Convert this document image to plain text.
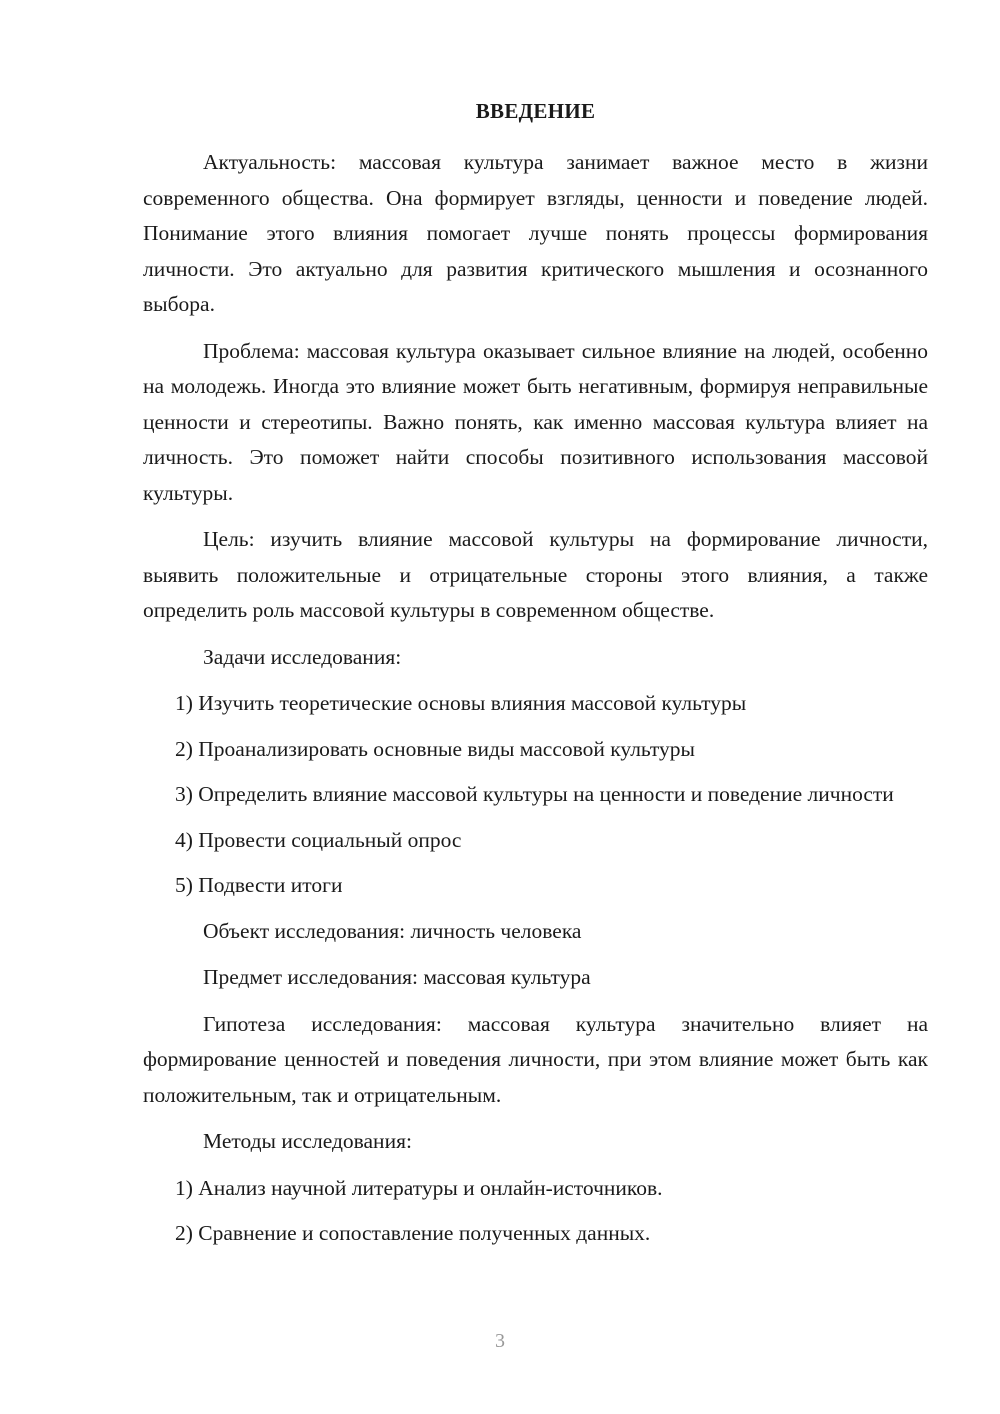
ВВЕДЕНИЕ

Актуальность: массовая культура занимает важное место в жизни современного общества. Она формирует взгляды, ценности и поведение людей. Понимание этого влияния помогает лучше понять процессы формирования личности. Это актуально для развития критического мышления и осознанного выбора.

Проблема: массовая культура оказывает сильное влияние на людей, особенно на молодежь. Иногда это влияние может быть негативным, формируя неправильные ценности и стереотипы. Важно понять, как именно массовая культура влияет на личность. Это поможет найти способы позитивного использования массовой культуры.

Цель: изучить влияние массовой культуры на формирование личности, выявить положительные и отрицательные стороны этого влияния, а также определить роль массовой культуры в современном обществе.

Задачи исследования:

1) Изучить теоретические основы влияния массовой культуры

2) Проанализировать основные виды массовой культуры

3) Определить влияние массовой культуры на ценности и поведение личности

4) Провести социальный опрос

5) Подвести итоги

Объект исследования: личность человека

Предмет исследования: массовая культура

Гипотеза исследования: массовая культура значительно влияет на формирование ценностей и поведения личности, при этом влияние может быть как положительным, так и отрицательным.

Методы исследования:

1) Анализ научной литературы и онлайн-источников.

2) Сравнение и сопоставление полученных данных.

3
